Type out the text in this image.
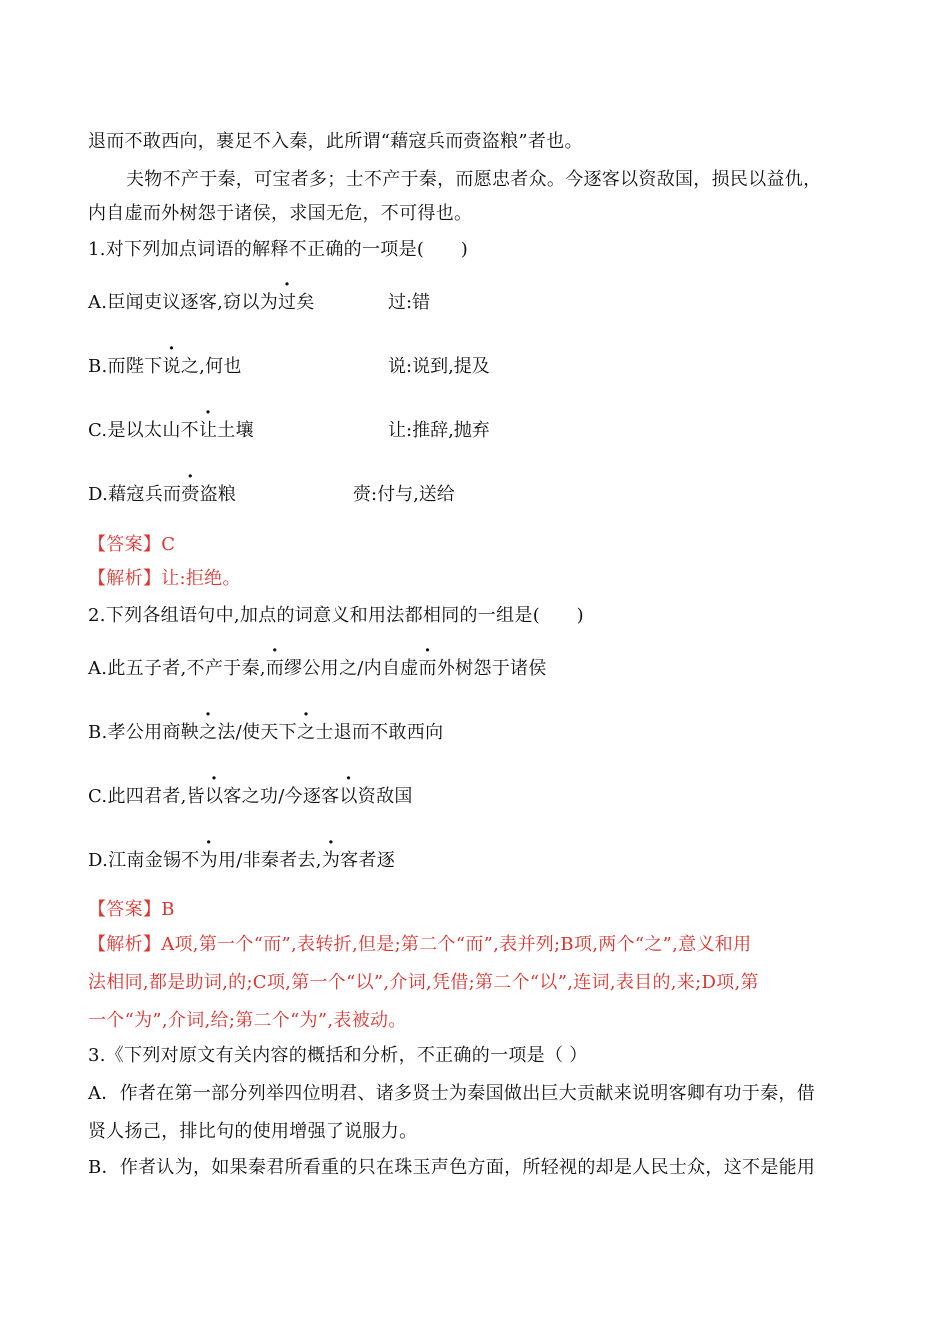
退而不敢西向，裹足不入秦，此所谓“藉寇兵而赍盗粮”者也。
夫物不产于秦，可宝者多；士不产于秦，而愿忠者众。今逐客以资敌国，损民以益仇，
内自虚而外树怨于诸侯，求国无危，不可得也。
1.对下列加点词语的解释不正确的一项是(　　)
A.臣闻吏议逐客,窃以为过矣	过:错
B.而陛下说之,何也	说:说到,提及
C.是以太山不让土壤	让:推辞,抛弃
D.藉寇兵而赍盗粮	赍:付与,送给
【答案】C
【解析】让:拒绝。
2.下列各组语句中,加点的词意义和用法都相同的一组是(　　)
A.此五子者,不产于秦,而缪公用之/内自虚而外树怨于诸侯
B.孝公用商鞅之法/使天下之士退而不敢西向
C.此四君者,皆以客之功/今逐客以资敌国
D.江南金锡不为用/非秦者去,为客者逐
【答案】B
【解析】A项,第一个“而”,表转折,但是;第二个“而”,表并列;B项,两个“之”,意义和用
法相同,都是助词,的;C项,第一个“以”,介词,凭借;第二个“以”,连词,表目的,来;D项,第
一个“为”,介词,给;第二个“为”,表被动。
3.《下列对原文有关内容的概括和分析，不正确的一项是（ ）
A．作者在第一部分列举四位明君、诸多贤士为秦国做出巨大贡献来说明客卿有功于秦，借
贤人扬己，排比句的使用增强了说服力。
B．作者认为，如果秦君所看重的只在珠玉声色方面，所轻视的却是人民士众，这不是能用
